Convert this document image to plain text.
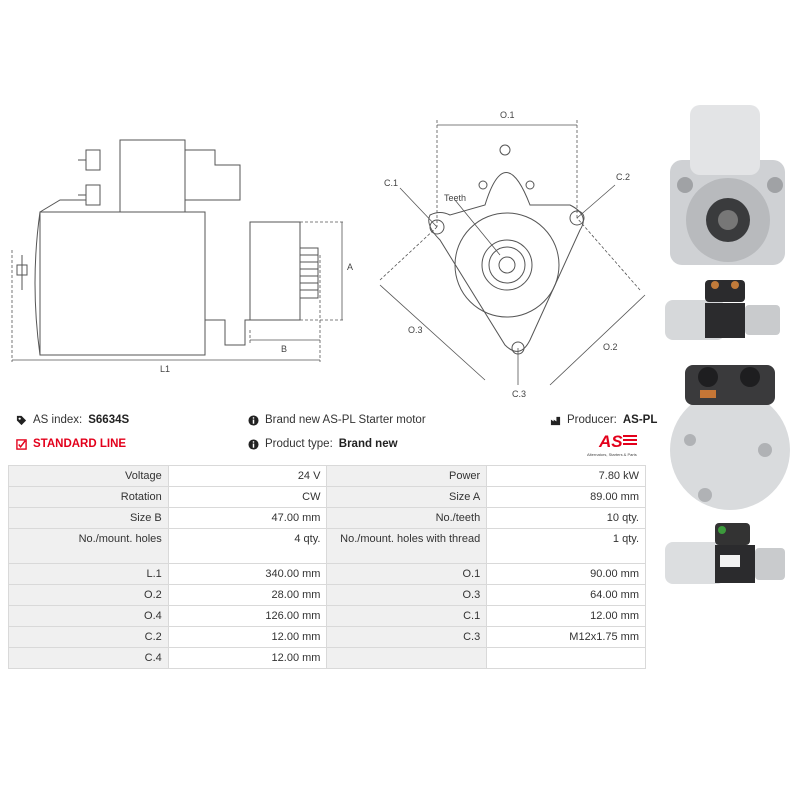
L1
A
B
O.1
O.2
O.3
C.1
C.2
C.3
Teeth
AS index: S6634S
STANDARD LINE
Brand new AS-PL Starter motor
Product type: Brand new
Producer: AS-PL
AS
Alternators, Starters & Parts
Voltage	24 V	Power	7.80 kW
Rotation	CW	Size A	89.00 mm
Size B	47.00 mm	No./teeth	10 qty.
No./mount. holes	4 qty.	No./mount. holes with thread	1 qty.
L.1	340.00 mm	O.1	90.00 mm
O.2	28.00 mm	O.3	64.00 mm
O.4	126.00 mm	C.1	12.00 mm
C.2	12.00 mm	C.3	M12x1.75 mm
C.4	12.00 mm		
